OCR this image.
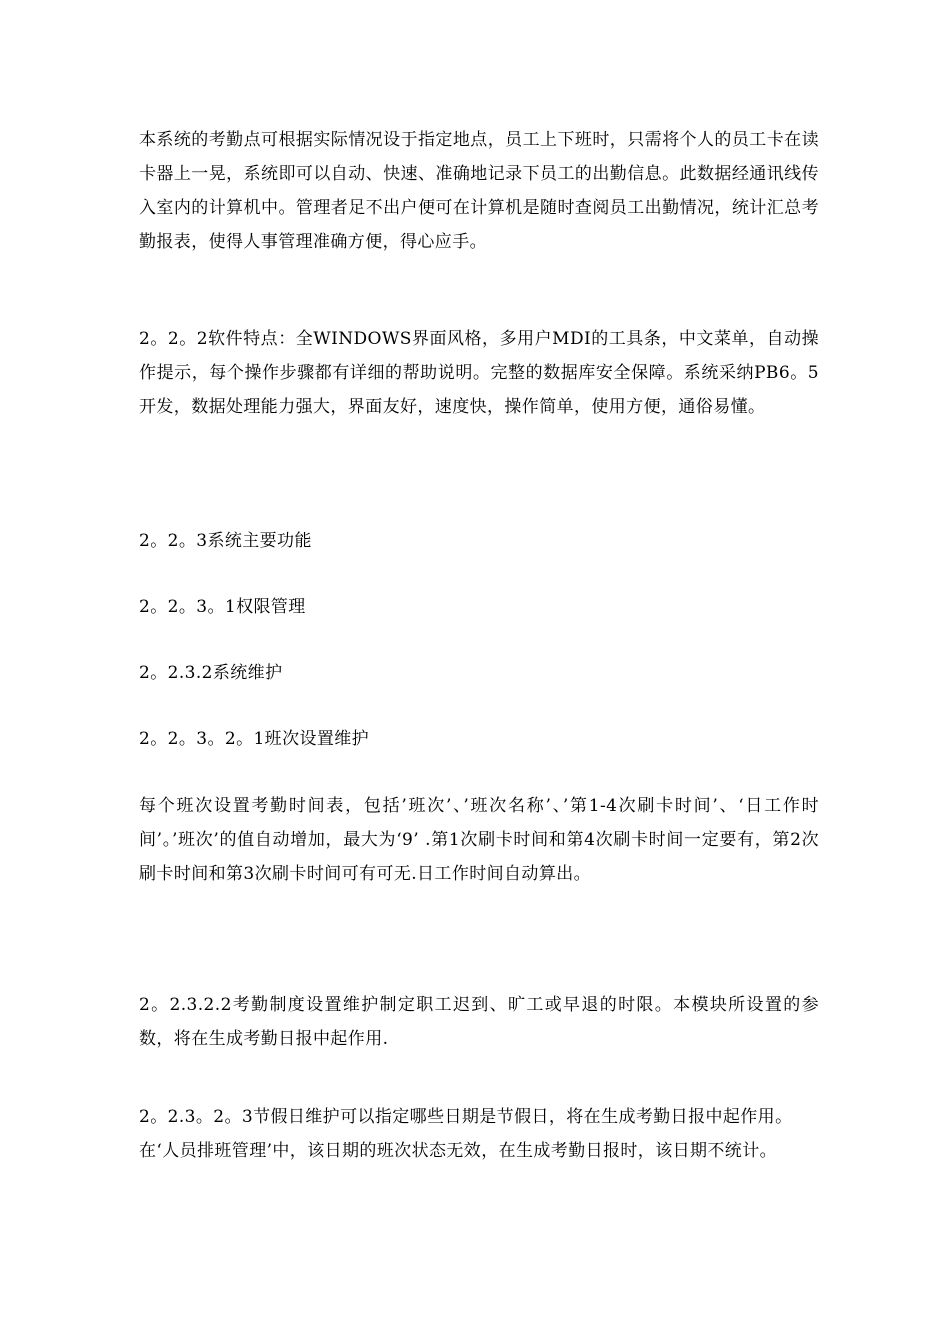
本系统的考勤点可根据实际情况设于指定地点，员工上下班时，只需将个人的员工卡在读卡器上一晃，系统即可以自动、快速、准确地记录下员工的出勤信息。此数据经通讯线传入室内的计算机中。管理者足不出户便可在计算机是随时查阅员工出勤情况，统计汇总考勤报表，使得人事管理准确方便，得心应手。

2。2。2软件特点：全WINDOWS界面风格，多用户MDI的工具条，中文菜单，自动操作提示，每个操作步骤都有详细的帮助说明。完整的数据库安全保障。系统采纳PB6。5开发，数据处理能力强大，界面友好，速度快，操作简单，使用方便，通俗易懂。

2。2。3系统主要功能

2。2。3。1权限管理

2。2.3.2系统维护

2。2。3。2。1班次设置维护

每个班次设置考勤时间表，包括’班次’、’班次名称’、’第1-4次刷卡时间’、‘日工作时间’。’班次’的值自动增加，最大为‘9’ .第1次刷卡时间和第4次刷卡时间一定要有，第2次刷卡时间和第3次刷卡时间可有可无.日工作时间自动算出。

2。2.3.2.2考勤制度设置维护制定职工迟到、旷工或早退的时限。本模块所设置的参数，将在生成考勤日报中起作用.

2。2.3。2。3节假日维护可以指定哪些日期是节假日，将在生成考勤日报中起作用。在‘人员排班管理’中，该日期的班次状态无效，在生成考勤日报时，该日期不统计。
